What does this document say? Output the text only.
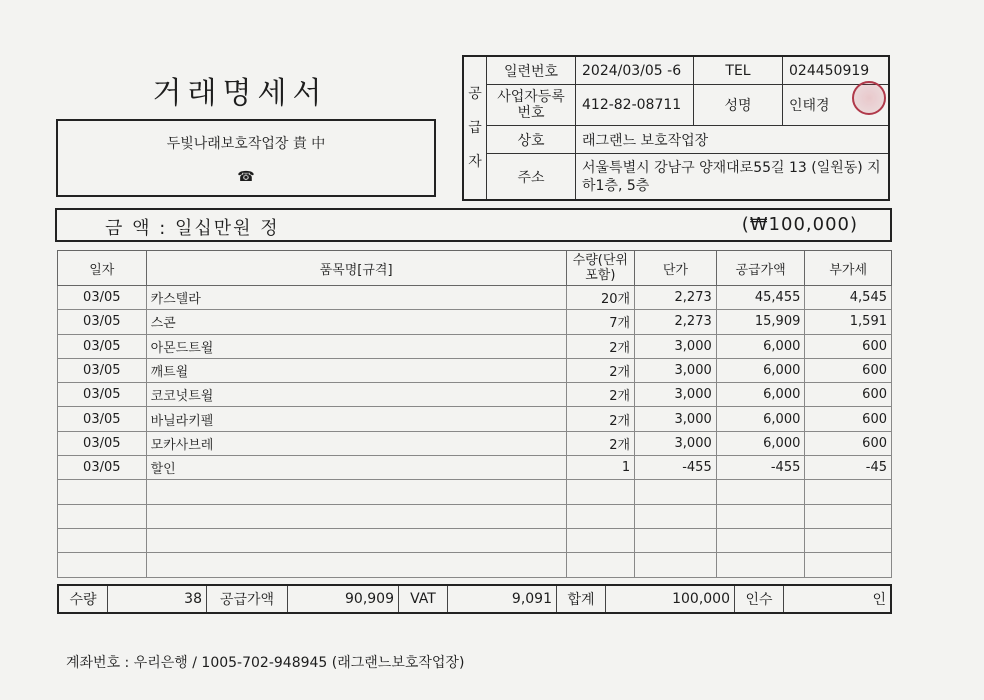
거래명세서
두빛나래보호작업장 貴 中
☎
공
급
자	일련번호	2024/03/05 -6	TEL	024450919
	사업자등록번호	412-82-08711	성명	인태경

	상호	래그랜느 보호작업장		
	주소	서울특별시 강남구 양재대로55길 13 (일원동) 지하1층, 5층		
금 액 : 일십만원 정	(₩100,000)
일자	품목명[규격]	수량(단위포함)	단가	공급가액	부가세
03/05	카스텔라	20개	2,273	45,455	4,545
03/05	스콘	7개	2,273	15,909	1,591
03/05	아몬드트윌	2개	3,000	6,000	600
03/05	깨트윌	2개	3,000	6,000	600
03/05	코코넛트윌	2개	3,000	6,000	600
03/05	바닐라키펠	2개	3,000	6,000	600
03/05	모카사브레	2개	3,000	6,000	600
03/05	할인	1	-455	-455	-45

수량	38	공급가액	90,909	VAT	9,091	합계	100,000	인수	인
계좌번호 : 우리은행 / 1005-702-948945 (래그랜느보호작업장)
